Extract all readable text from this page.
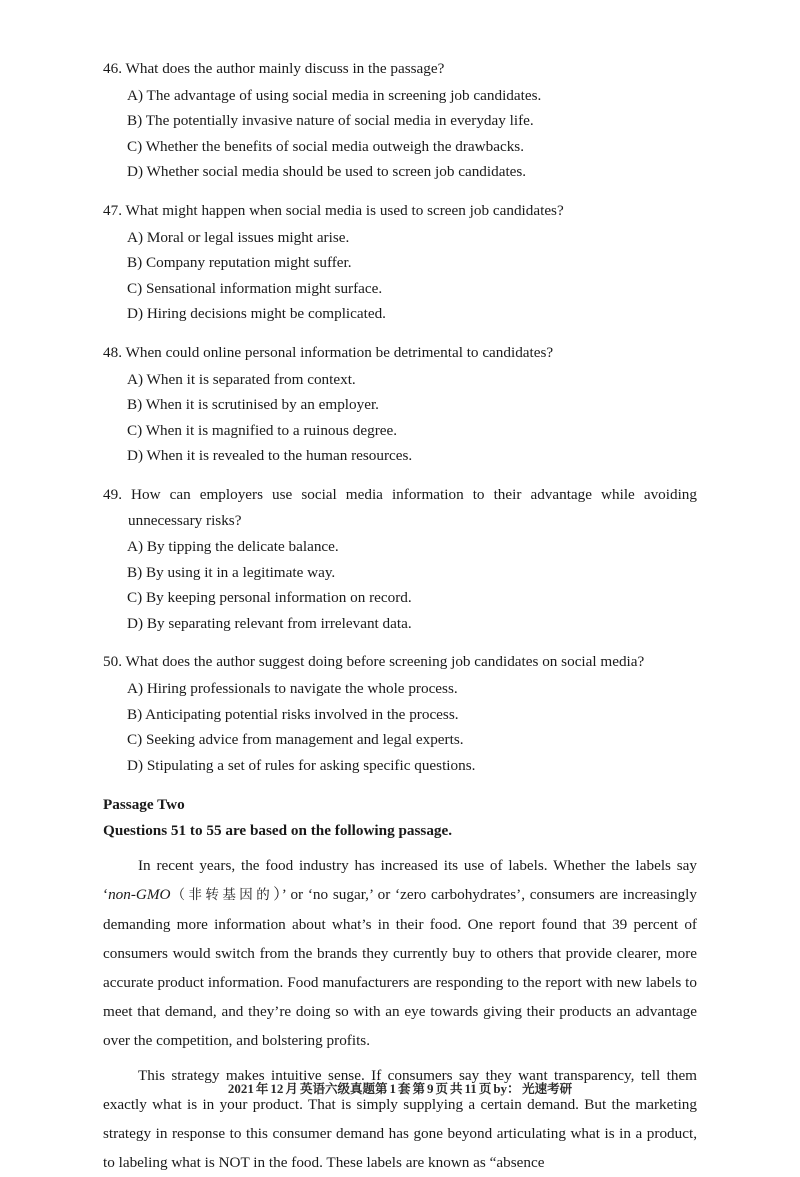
46. What does the author mainly discuss in the passage?

A) The advantage of using social media in screening job candidates.
B) The potentially invasive nature of social media in everyday life.
C) Whether the benefits of social media outweigh the drawbacks.
D) Whether social media should be used to screen job candidates.

47. What might happen when social media is used to screen job candidates?

A) Moral or legal issues might arise.
B) Company reputation might suffer.
C) Sensational information might surface.
D) Hiring decisions might be complicated.

48. When could online personal information be detrimental to candidates?

A) When it is separated from context.
B) When it is scrutinised by an employer.
C) When it is magnified to a ruinous degree.
D) When it is revealed to the human resources.

49. How can employers use social media information to their advantage while avoiding unnecessary risks?

A) By tipping the delicate balance.
B) By using it in a legitimate way.
C) By keeping personal information on record.
D) By separating relevant from irrelevant data.

50. What does the author suggest doing before screening job candidates on social media?

A) Hiring professionals to navigate the whole process.
B) Anticipating potential risks involved in the process.
C) Seeking advice from management and legal experts.
D) Stipulating a set of rules for asking specific questions.

Passage Two

Questions 51 to 55 are based on the following passage.

In recent years, the food industry has increased its use of labels. Whether the labels say ‘non-GMO（非转基因的）’ or ‘no sugar,’ or ‘zero carbohydrates’, consumers are increasingly demanding more information about what’s in their food. One report found that 39 percent of consumers would switch from the brands they currently buy to others that provide clearer, more accurate product information. Food manufacturers are responding to the report with new labels to meet that demand, and they’re doing so with an eye towards giving their products an advantage over the competition, and bolstering profits.

This strategy makes intuitive sense. If consumers say they want transparency, tell them exactly what is in your product. That is simply supplying a certain demand. But the marketing strategy in response to this consumer demand has gone beyond articulating what is in a product, to labeling what is NOT in the food. These labels are known as “absence

2021 年 12 月 英语六级真题第 1 套 第 9 页 共 11 页 by： 光速考研
